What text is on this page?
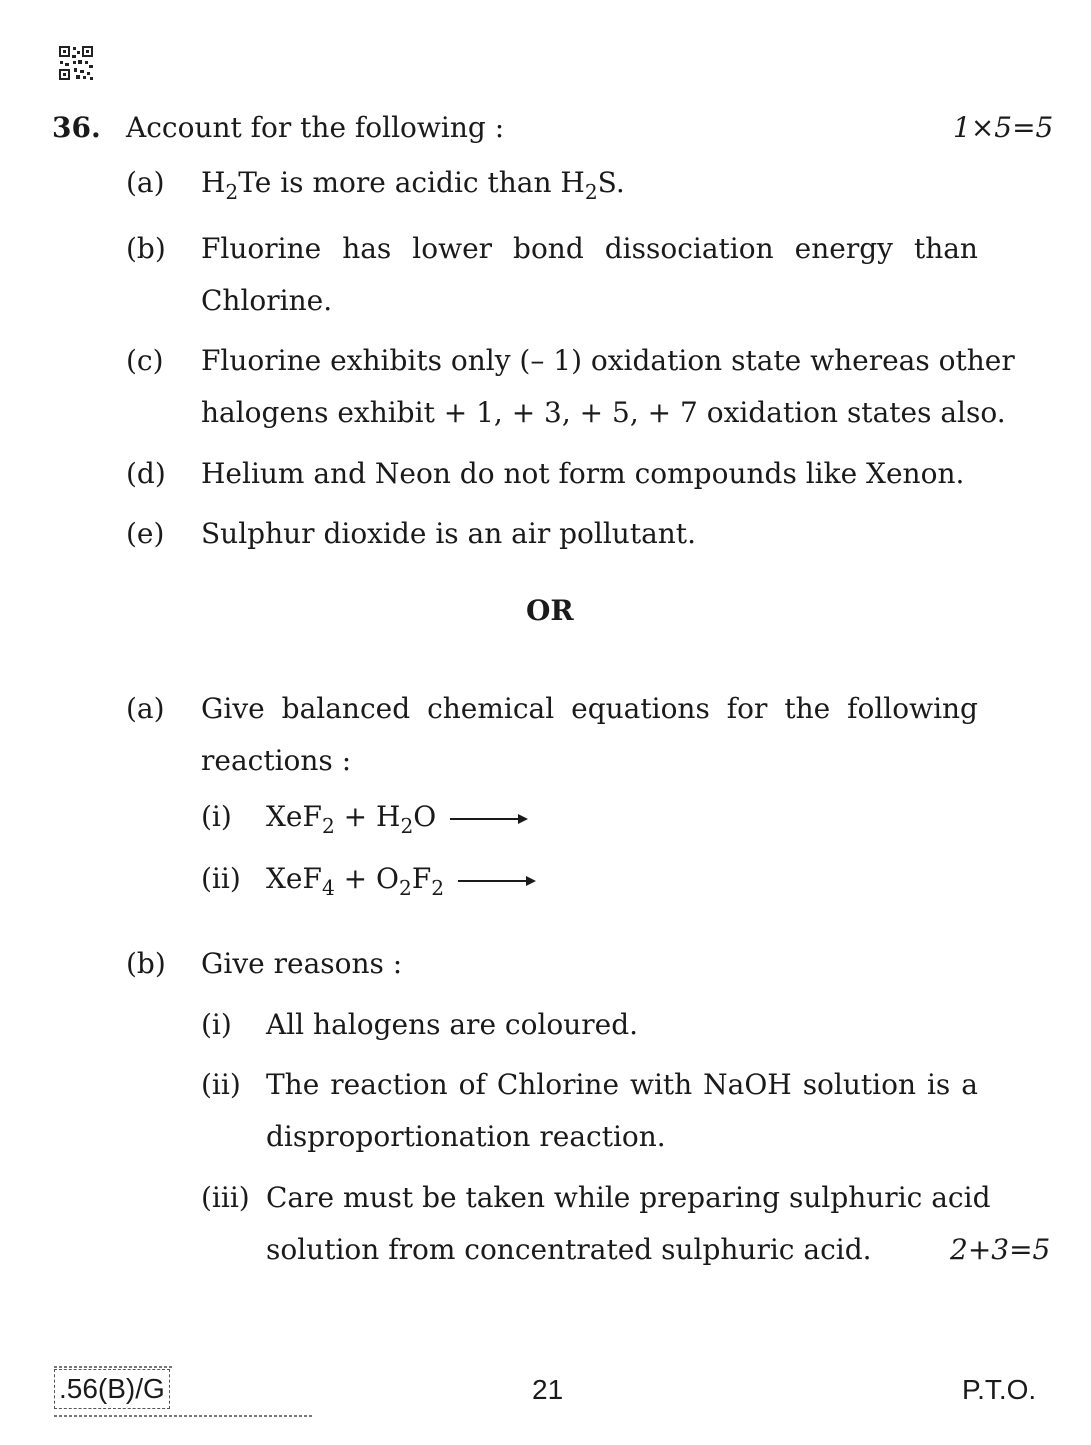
36. Account for the following :	1×5=5
(a) $H_2Te$ is more acidic than $H_2S$.
(b) Fluorine has lower bond dissociation energy than
Chlorine.
(c) Fluorine exhibits only (– 1) oxidation state whereas other
halogens exhibit + 1, + 3, + 5, + 7 oxidation states also.
(d) Helium and Neon do not form compounds like Xenon.
(e) Sulphur dioxide is an air pollutant.
OR
(a) Give balanced chemical equations for the following
reactions :
(i) $XeF_2 + H_2O$
(ii) $XeF_4 + O_2F_2$
(b) Give reasons :
(i) All halogens are coloured.
(ii) The reaction of Chlorine with NaOH solution is a
disproportionation reaction.
(iii) Care must be taken while preparing sulphuric acid
solution from concentrated sulphuric acid.	2+3=5
.56(B)/G	21	P.T.O.
